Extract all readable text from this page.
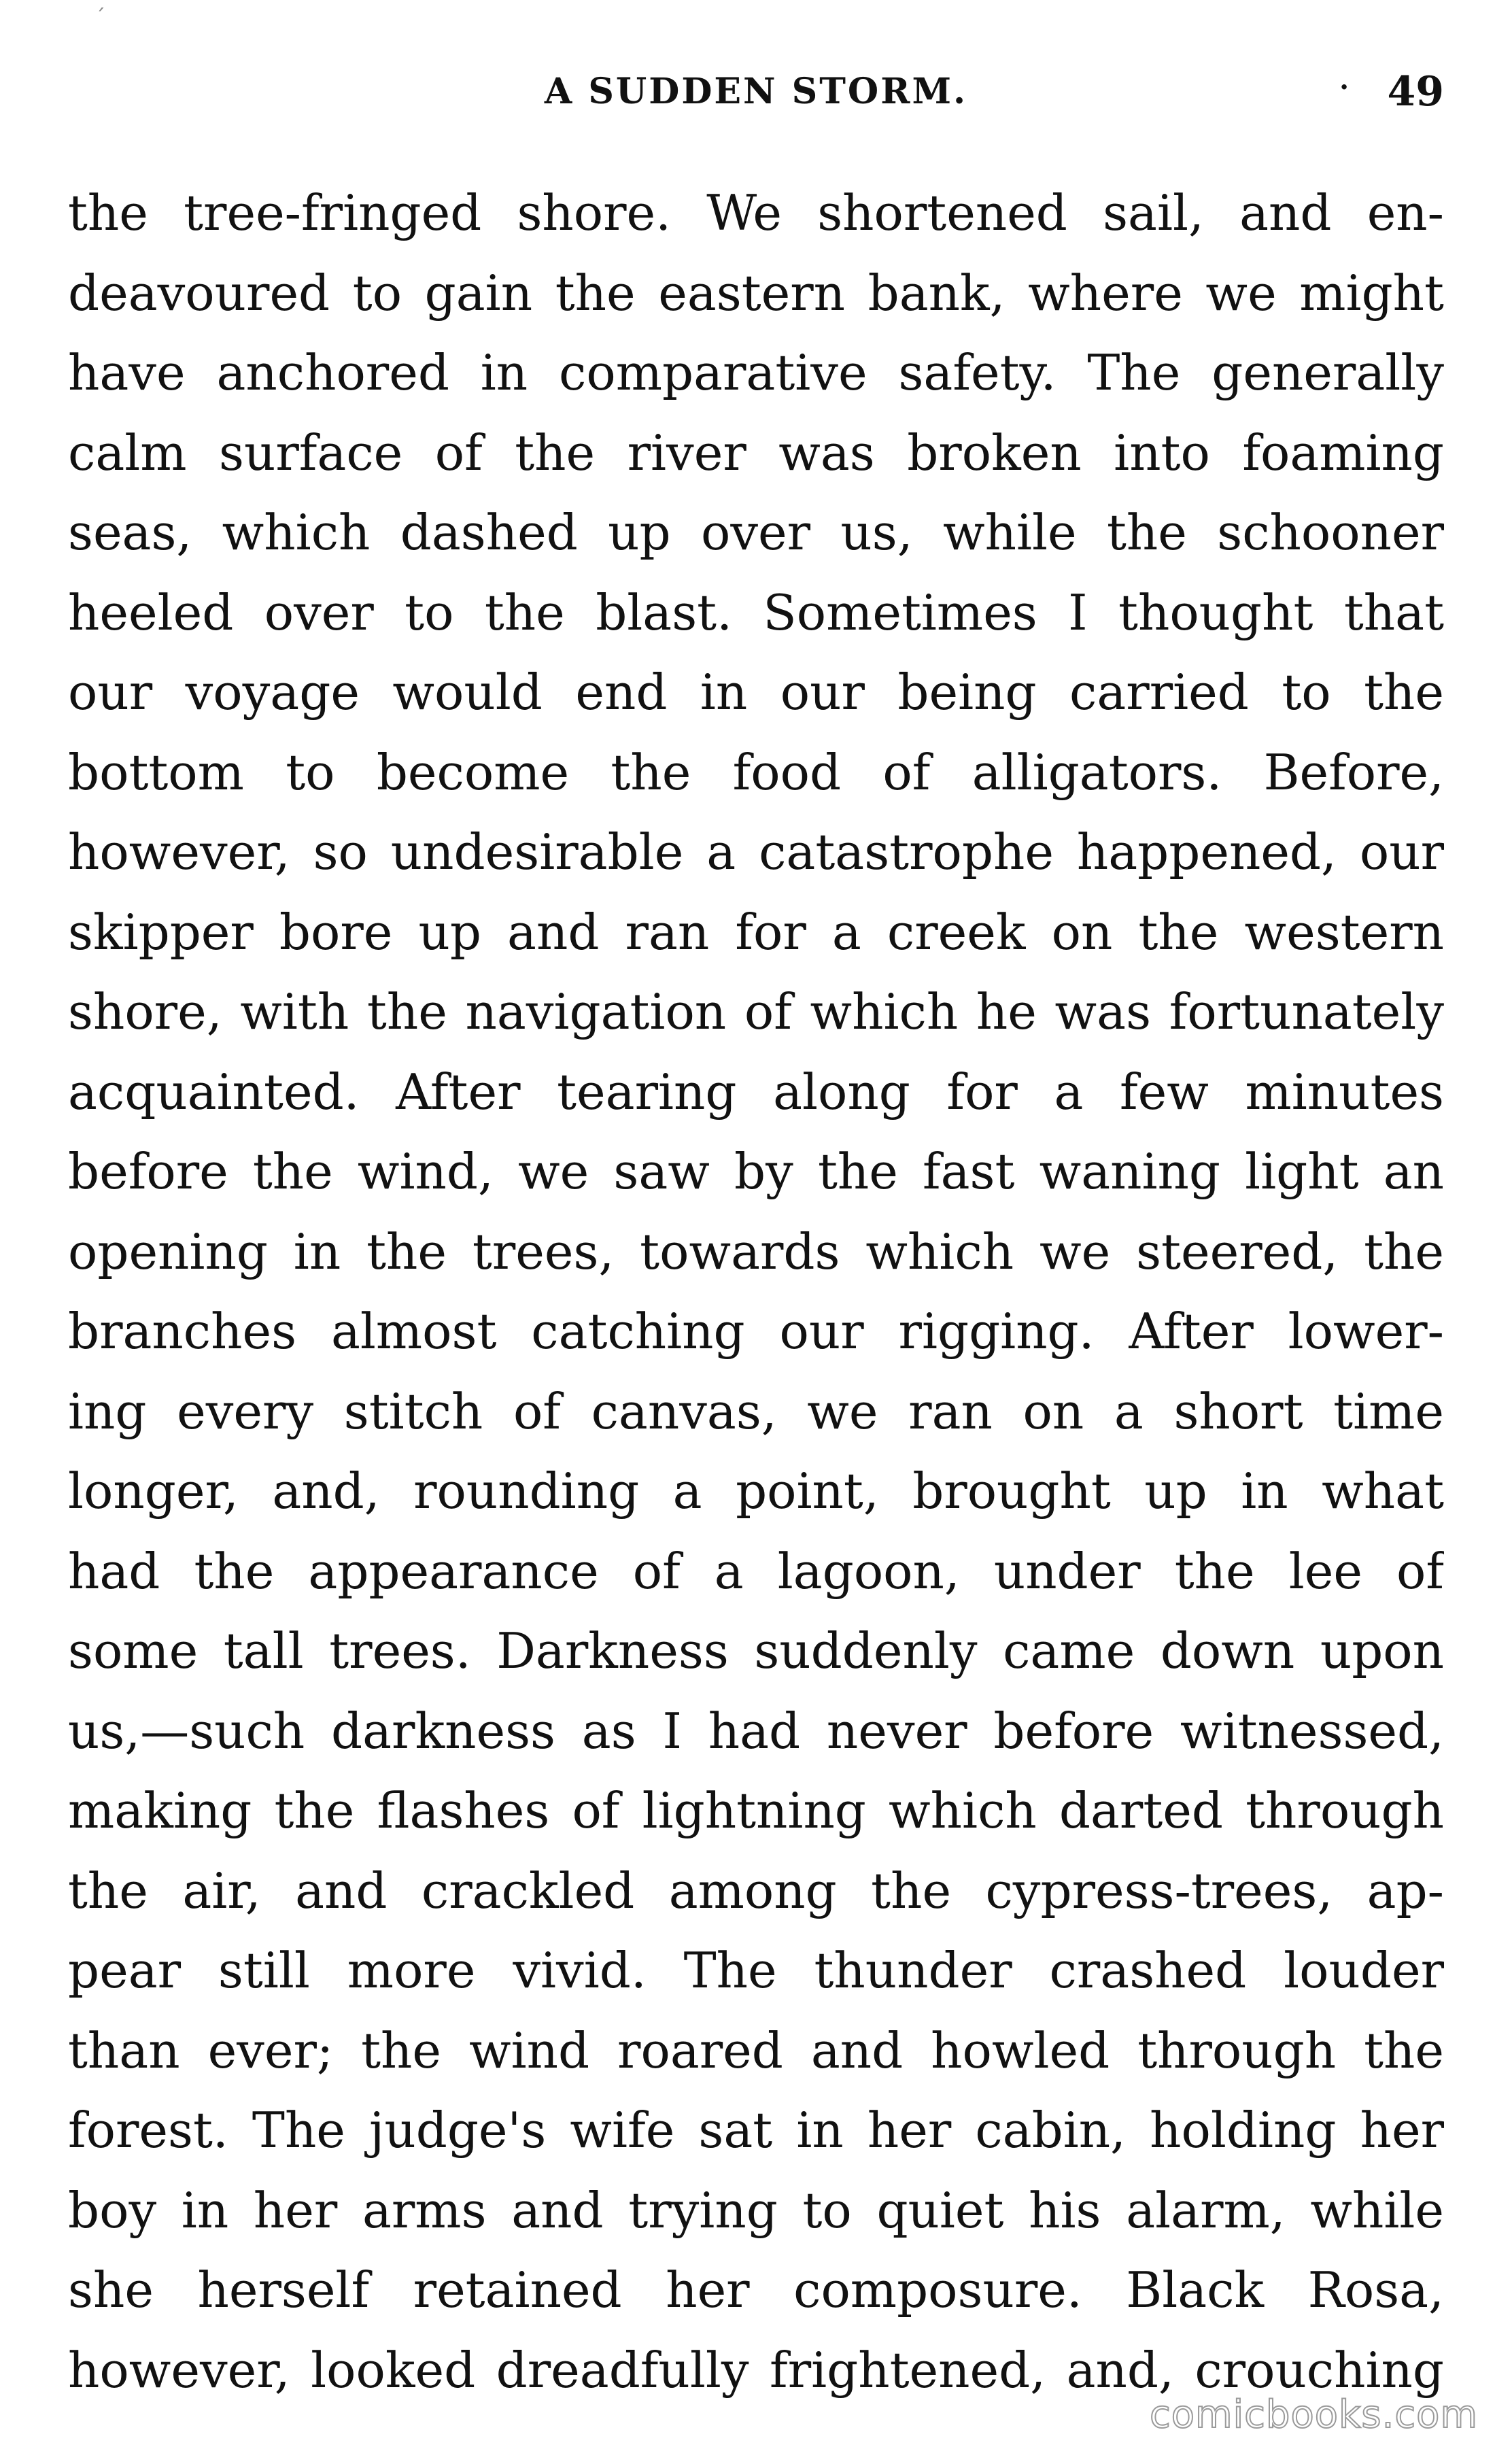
ˊ
A SUDDEN STORM.	· 49
the tree-fringed shore. We shortened sail, and en-
deavoured to gain the eastern bank, where we might
have anchored in comparative safety. The generally
calm surface of the river was broken into foaming
seas, which dashed up over us, while the schooner
heeled over to the blast. Sometimes I thought that
our voyage would end in our being carried to the
bottom to become the food of alligators. Before,
however, so undesirable a catastrophe happened, our
skipper bore up and ran for a creek on the western
shore, with the navigation of which he was fortunately
acquainted. After tearing along for a few minutes
before the wind, we saw by the fast waning light an
opening in the trees, towards which we steered, the
branches almost catching our rigging. After lower-
ing every stitch of canvas, we ran on a short time
longer, and, rounding a point, brought up in what
had the appearance of a lagoon, under the lee of
some tall trees. Darkness suddenly came down upon
us,—such darkness as I had never before witnessed,
making the flashes of lightning which darted through
the air, and crackled among the cypress-trees, ap-
pear still more vivid. The thunder crashed louder
than ever; the wind roared and howled through the
forest. The judge's wife sat in her cabin, holding her
boy in her arms and trying to quiet his alarm, while
she herself retained her composure. Black Rosa,
however, looked dreadfully frightened, and, crouching
comicbooks.com
